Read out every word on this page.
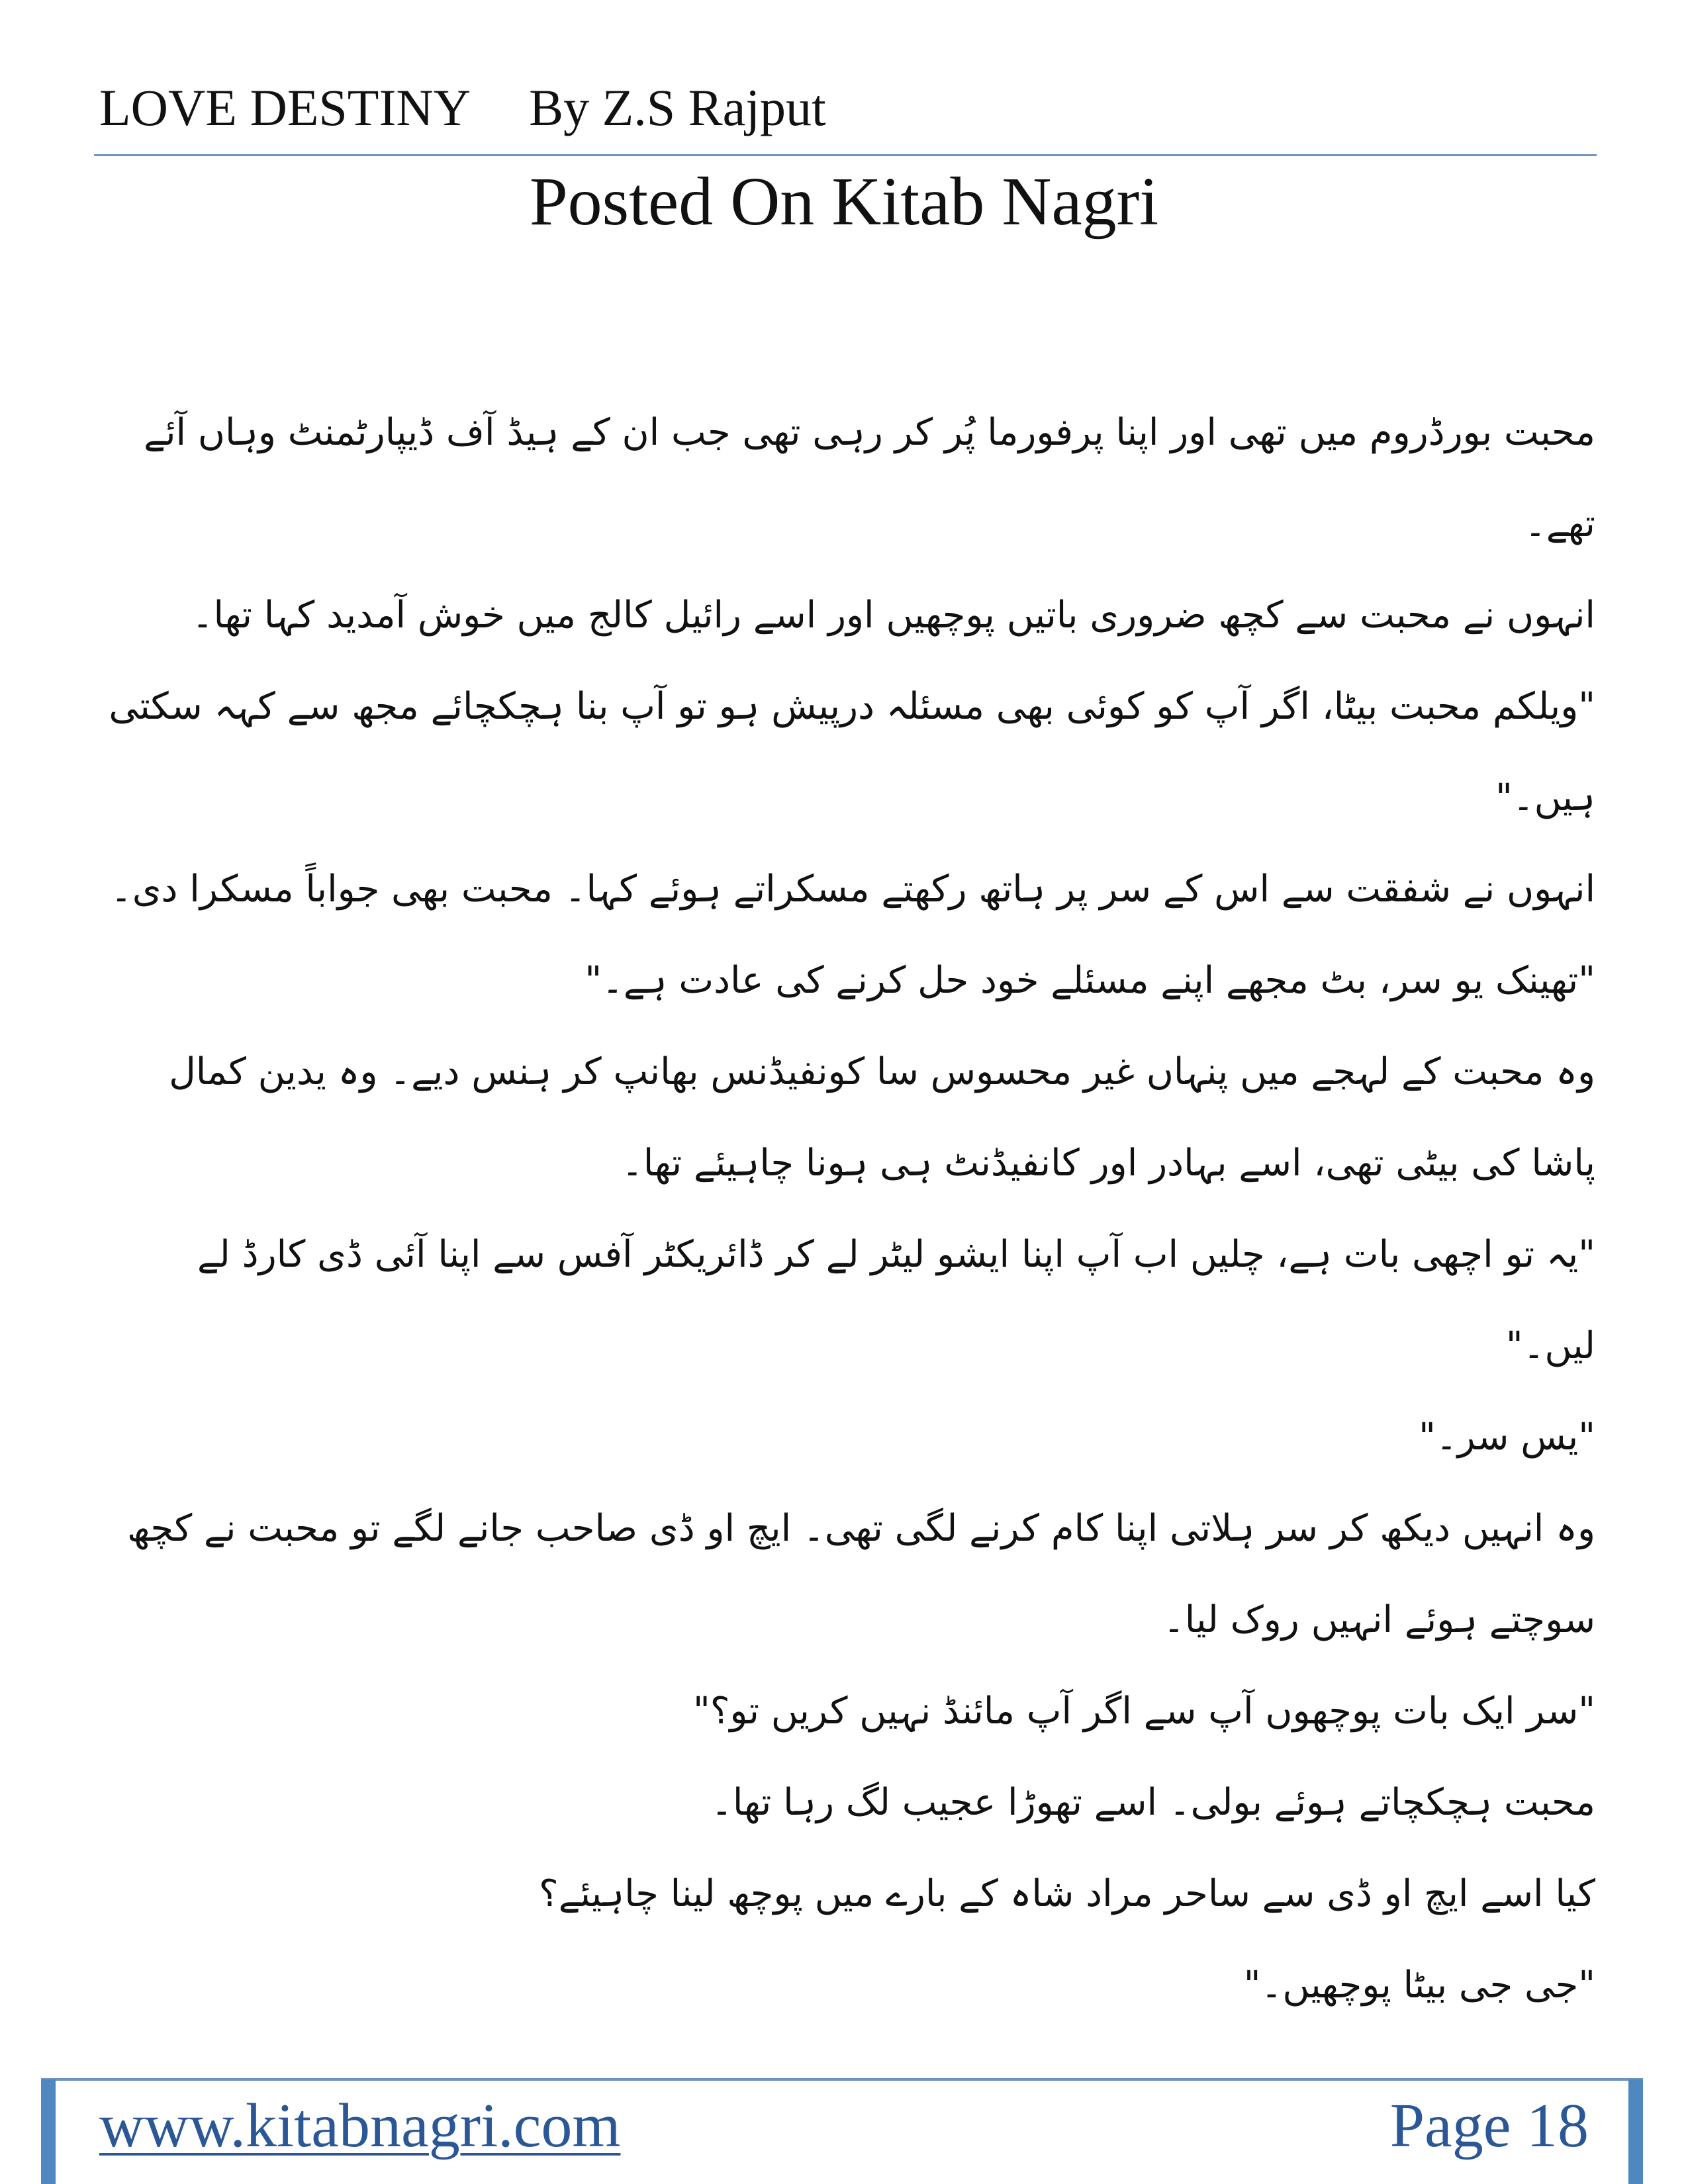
LOVE DESTINY By Z.S Rajput
Posted On Kitab Nagri

محبت بورڈروم میں تھی اور اپنا پرفورما پُر کر رہی تھی جب ان کے ہیڈ آف ڈیپارٹمنٹ وہاں آئے تھے۔

انہوں نے محبت سے کچھ ضروری باتیں پوچھیں اور اسے رائیل کالج میں خوش آمدید کہا تھا۔

"ویلکم محبت بیٹا، اگر آپ کو کوئی بھی مسئلہ درپیش ہو تو آپ بنا ہچکچائے مجھ سے کہہ سکتی ہیں۔"

انہوں نے شفقت سے اس کے سر پر ہاتھ رکھتے مسکراتے ہوئے کہا۔ محبت بھی جواباً مسکرا دی۔

"تھینک یو سر، بٹ مجھے اپنے مسئلے خود حل کرنے کی عادت ہے۔"

وہ محبت کے لہجے میں پنہاں غیر محسوس سا کونفیڈنس بھانپ کر ہنس دیے۔ وہ یدین کمال پاشا کی بیٹی تھی، اسے بہادر اور کانفیڈنٹ ہی ہونا چاہیئے تھا۔

"یہ تو اچھی بات ہے، چلیں اب آپ اپنا ایشو لیٹر لے کر ڈائریکٹر آفس سے اپنا آئی ڈی کارڈ لے لیں۔"

"یس سر۔"

وہ انہیں دیکھ کر سر ہلاتی اپنا کام کرنے لگی تھی۔ ایچ او ڈی صاحب جانے لگے تو محبت نے کچھ سوچتے ہوئے انہیں روک لیا۔

"سر ایک بات پوچھوں آپ سے اگر آپ مائنڈ نہیں کریں تو؟"

محبت ہچکچاتے ہوئے بولی۔ اسے تھوڑا عجیب لگ رہا تھا۔

کیا اسے ایچ او ڈی سے ساحر مراد شاہ کے بارے میں پوچھ لینا چاہیئے؟

"جی جی بیٹا پوچھیں۔"

www.kitabnagri.com	Page 18
